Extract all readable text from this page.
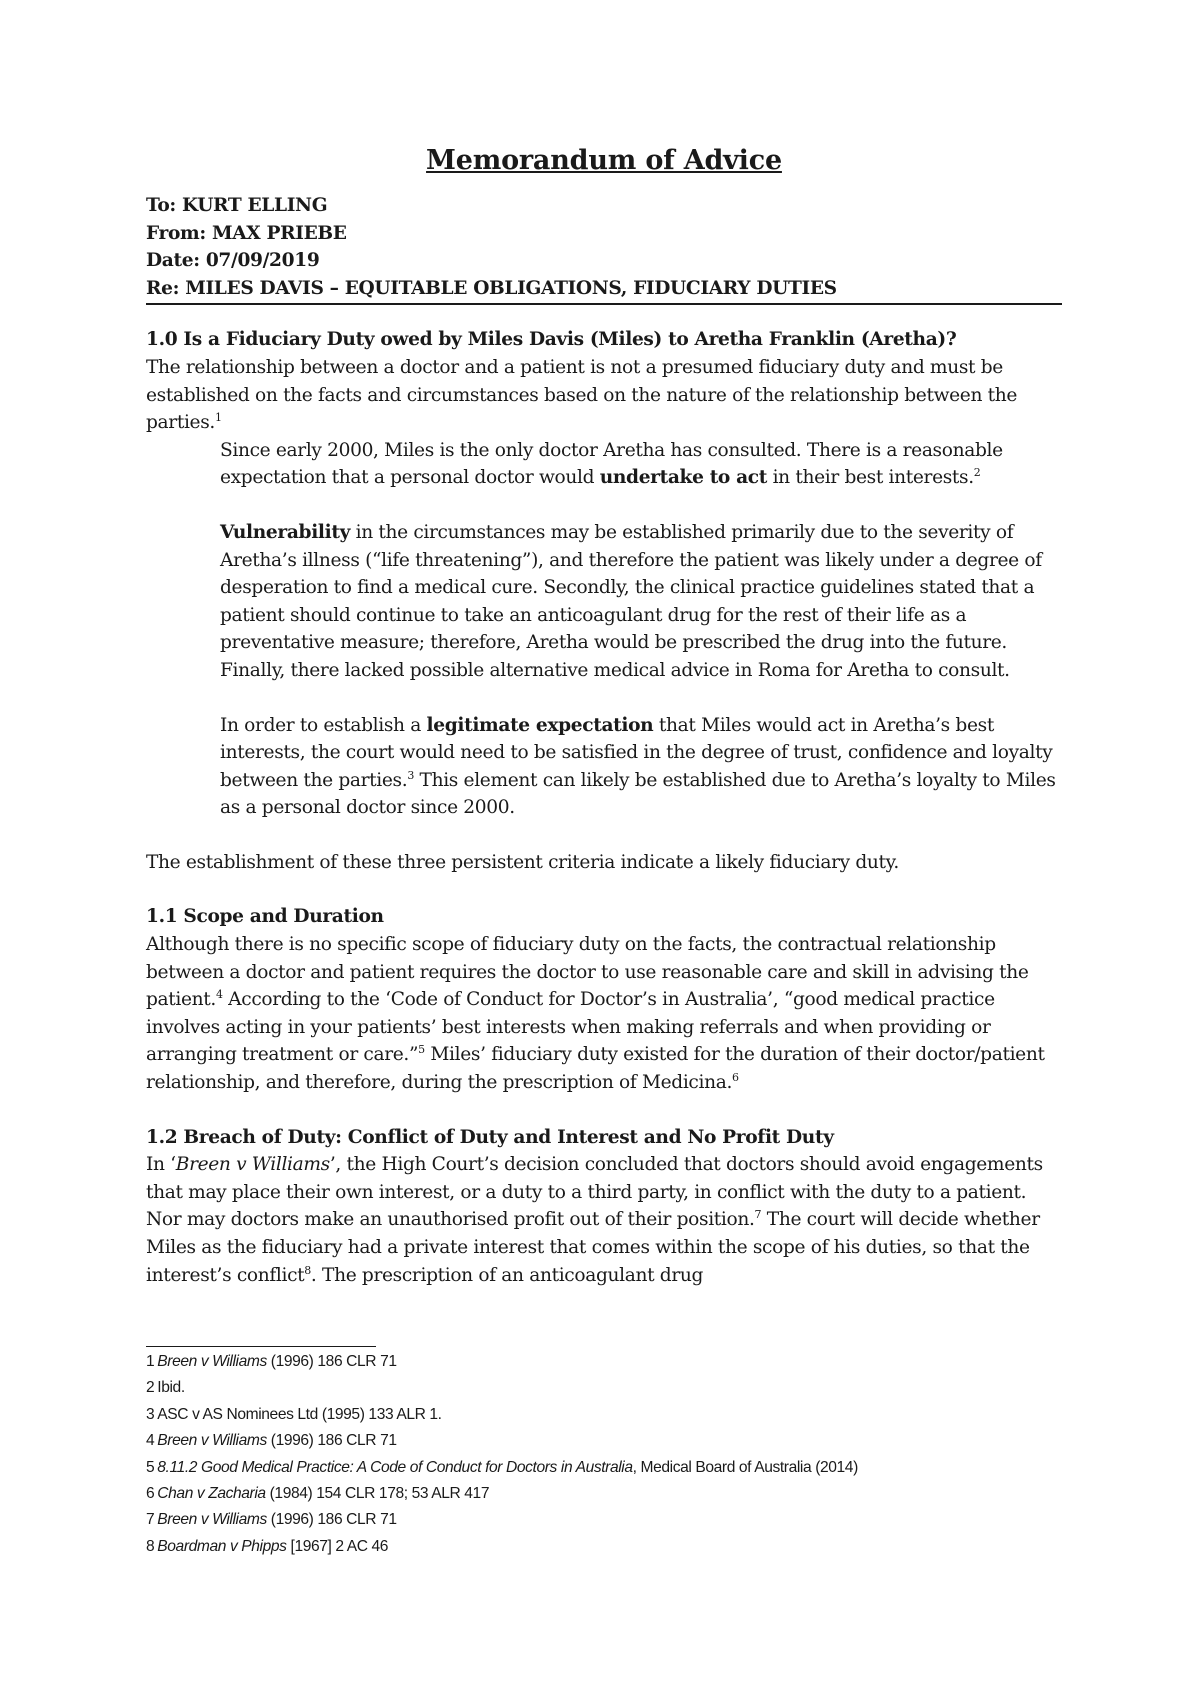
Memorandum of Advice

To: KURT ELLING

From: MAX PRIEBE

Date: 07/09/2019

Re: MILES DAVIS – EQUITABLE OBLIGATIONS, FIDUCIARY DUTIES

1.0 Is a Fiduciary Duty owed by Miles Davis (Miles) to Aretha Franklin (Aretha)?

The relationship between a doctor and a patient is not a presumed fiduciary duty and must be established on the facts and circumstances based on the nature of the relationship between the parties.$^1$

Since early 2000, Miles is the only doctor Aretha has consulted. There is a reasonable expectation that a personal doctor would undertake to act in their best interests.$^2$

Vulnerability in the circumstances may be established primarily due to the severity of Aretha’s illness (“life threatening”), and therefore the patient was likely under a degree of desperation to find a medical cure. Secondly, the clinical practice guidelines stated that a patient should continue to take an anticoagulant drug for the rest of their life as a preventative measure; therefore, Aretha would be prescribed the drug into the future. Finally, there lacked possible alternative medical advice in Roma for Aretha to consult.

In order to establish a legitimate expectation that Miles would act in Aretha’s best interests, the court would need to be satisfied in the degree of trust, confidence and loyalty between the parties.$^3$ This element can likely be established due to Aretha’s loyalty to Miles as a personal doctor since 2000.

The establishment of these three persistent criteria indicate a likely fiduciary duty.

1.1 Scope and Duration

Although there is no specific scope of fiduciary duty on the facts, the contractual relationship between a doctor and patient requires the doctor to use reasonable care and skill in advising the patient.$^4$ According to the ‘Code of Conduct for Doctor’s in Australia’, “good medical practice involves acting in your patients’ best interests when making referrals and when providing or arranging treatment or care.”$^5$ Miles’ fiduciary duty existed for the duration of their doctor/patient relationship, and therefore, during the prescription of Medicina.$^6$

1.2 Breach of Duty: Conflict of Duty and Interest and No Profit Duty

In ‘Breen v Williams’, the High Court’s decision concluded that doctors should avoid engagements that may place their own interest, or a duty to a third party, in conflict with the duty to a patient. Nor may doctors make an unauthorised profit out of their position.$^7$ The court will decide whether Miles as the fiduciary had a private interest that comes within the scope of his duties, so that the interest’s conflict$^8$. The prescription of an anticoagulant drug

1 Breen v Williams (1996) 186 CLR 71

2 Ibid.

3 ASC v AS Nominees Ltd (1995) 133 ALR 1.

4 Breen v Williams (1996) 186 CLR 71

5 8.11.2 Good Medical Practice: A Code of Conduct for Doctors in Australia, Medical Board of Australia (2014)

6 Chan v Zacharia (1984) 154 CLR 178; 53 ALR 417

7 Breen v Williams (1996) 186 CLR 71

8 Boardman v Phipps [1967] 2 AC 46
